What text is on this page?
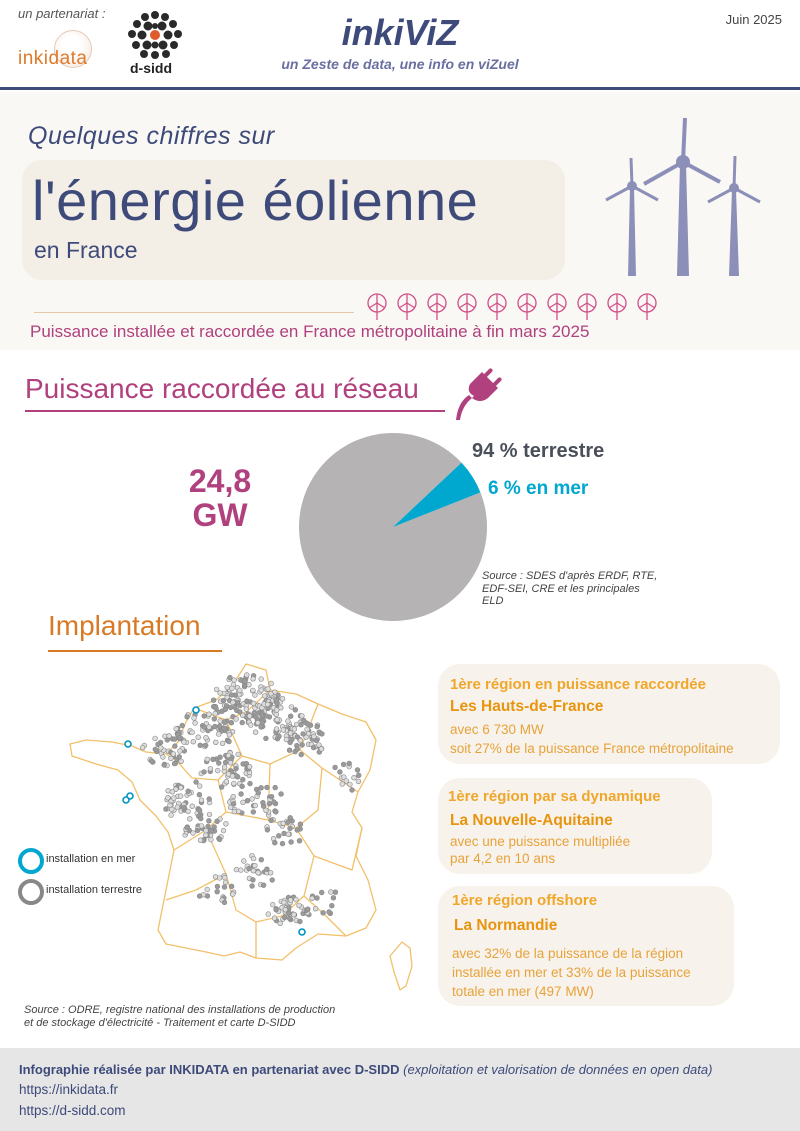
un partenariat :
inkidata	d-sidd
inkiViZ
un Zeste de data, une info en viZuel
Juin 2025
Quelques chiffres sur
l'énergie éolienne
en France
Puissance installée et raccordée en France métropolitaine à fin mars 2025
Puissance raccordée au réseau
24,8
GW
94 % terrestre
6 % en mer
Source : SDES d'après ERDF, RTE, EDF-SEI, CRE et les principales ELD
Implantation
installation en mer
installation terrestre
Source : ODRE, registre national des installations de production
et de stockage d'électricité - Traitement et carte D-SIDD
1ère région en puissance raccordée
Les Hauts-de-France
avec 6 730 MW
soit 27% de la puissance France métropolitaine
1ère région par sa dynamique
La Nouvelle-Aquitaine
avec une puissance multipliée
par 4,2 en 10 ans
1ère région offshore
La Normandie
avec 32% de la puissance de la région
installée en mer et 33% de la puissance
totale en mer (497 MW)
Infographie réalisée par INKIDATA en partenariat avec D-SIDD (exploitation et valorisation de données en open data)
https://inkidata.fr
https://d-sidd.com
